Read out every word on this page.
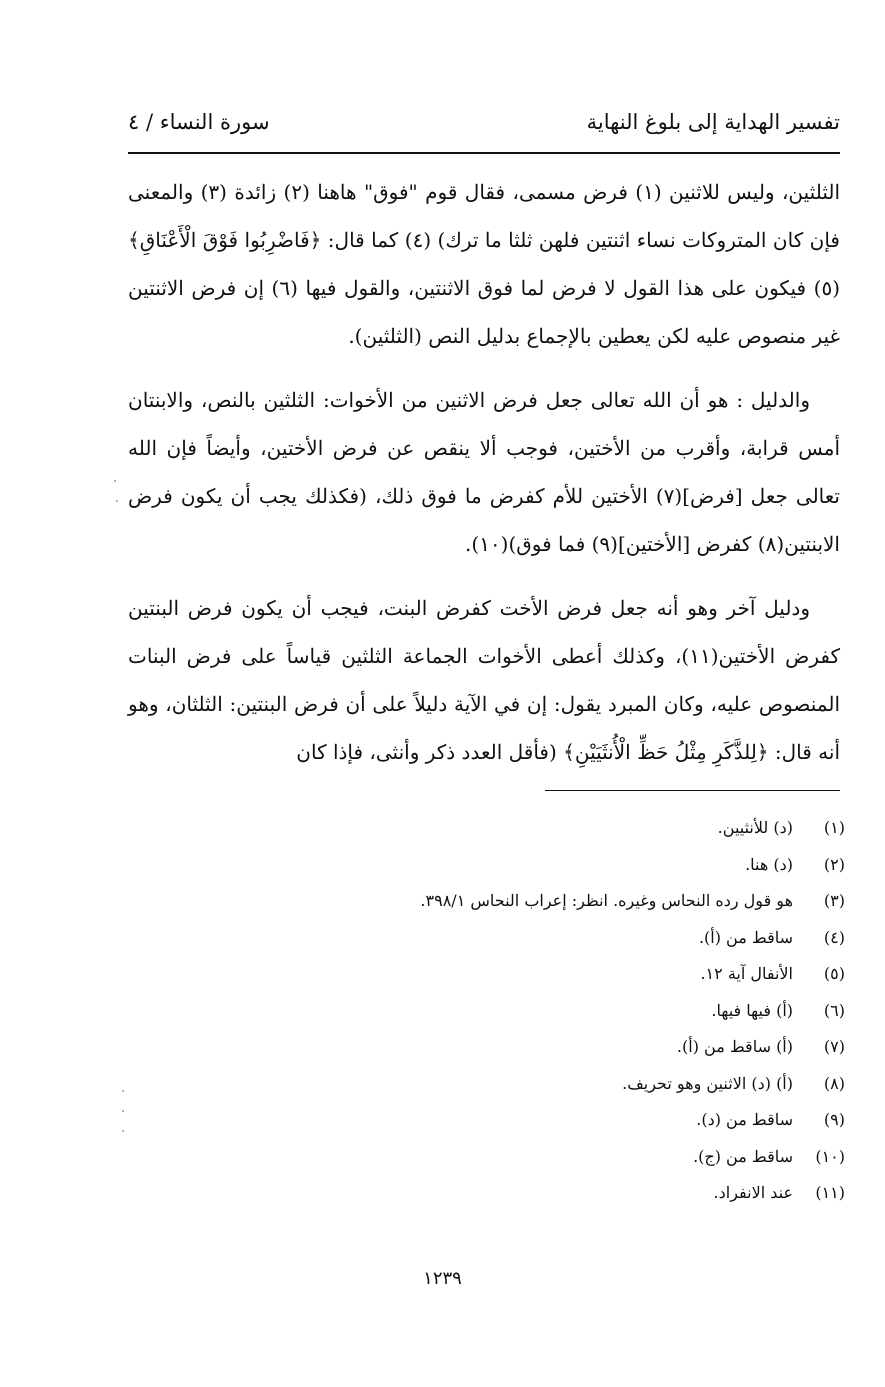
تفسير الهداية إلى بلوغ النهاية
سورة النساء / ٤

الثلثين، وليس للاثنين (١) فرض مسمى، فقال قوم "فوق" هاهنا (٢) زائدة (٣) والمعنى فإن كان المتروكات نساء اثنتين فلهن ثلثا ما ترك) (٤) كما قال: ﴿فَاضْرِبُوا فَوْقَ الْأَعْنَاقِ﴾ (٥) فيكون على هذا القول لا فرض لما فوق الاثنتين، والقول فيها (٦) إن فرض الاثنتين غير منصوص عليه لكن يعطين بالإجماع بدليل النص (الثلثين).

والدليل : هو أن الله تعالى جعل فرض الاثنين من الأخوات: الثلثين بالنص، والابنتان أمس قرابة، وأقرب من الأختين، فوجب ألا ينقص عن فرض الأختين، وأيضاً فإن الله تعالى جعل [فرض](٧) الأختين للأم كفرض ما فوق ذلك، (فكذلك يجب أن يكون فرض الابنتين(٨) كفرض [الأختين](٩) فما فوق)(١٠).

ودليل آخر وهو أنه جعل فرض الأخت كفرض البنت، فيجب أن يكون فرض البنتين كفرض الأختين(١١)، وكذلك أعطى الأخوات الجماعة الثلثين قياساً على فرض البنات المنصوص عليه، وكان المبرد يقول: إن في الآية دليلاً على أن فرض البنتين: الثلثان، وهو أنه قال: ﴿لِلذَّكَرِ مِثْلُ حَظِّ الْأُنثَيَيْنِ﴾ (فأقل العدد ذكر وأنثى، فإذا كان

(١)(د) للأنثيين.
(٢)(د) هنا.
(٣)هو قول رده النحاس وغيره. انظر: إعراب النحاس ٣٩٨/١.
(٤)ساقط من (أ).
(٥)الأنفال آية ١٢.
(٦)(أ) فيها فيها.
(٧)(أ) ساقط من (أ).
(٨)(أ) (د) الاثنين وهو تحريف.
(٩)ساقط من (د).
(١٠)ساقط من (ج).
(١١)عند الانفراد.
١٢٣٩
